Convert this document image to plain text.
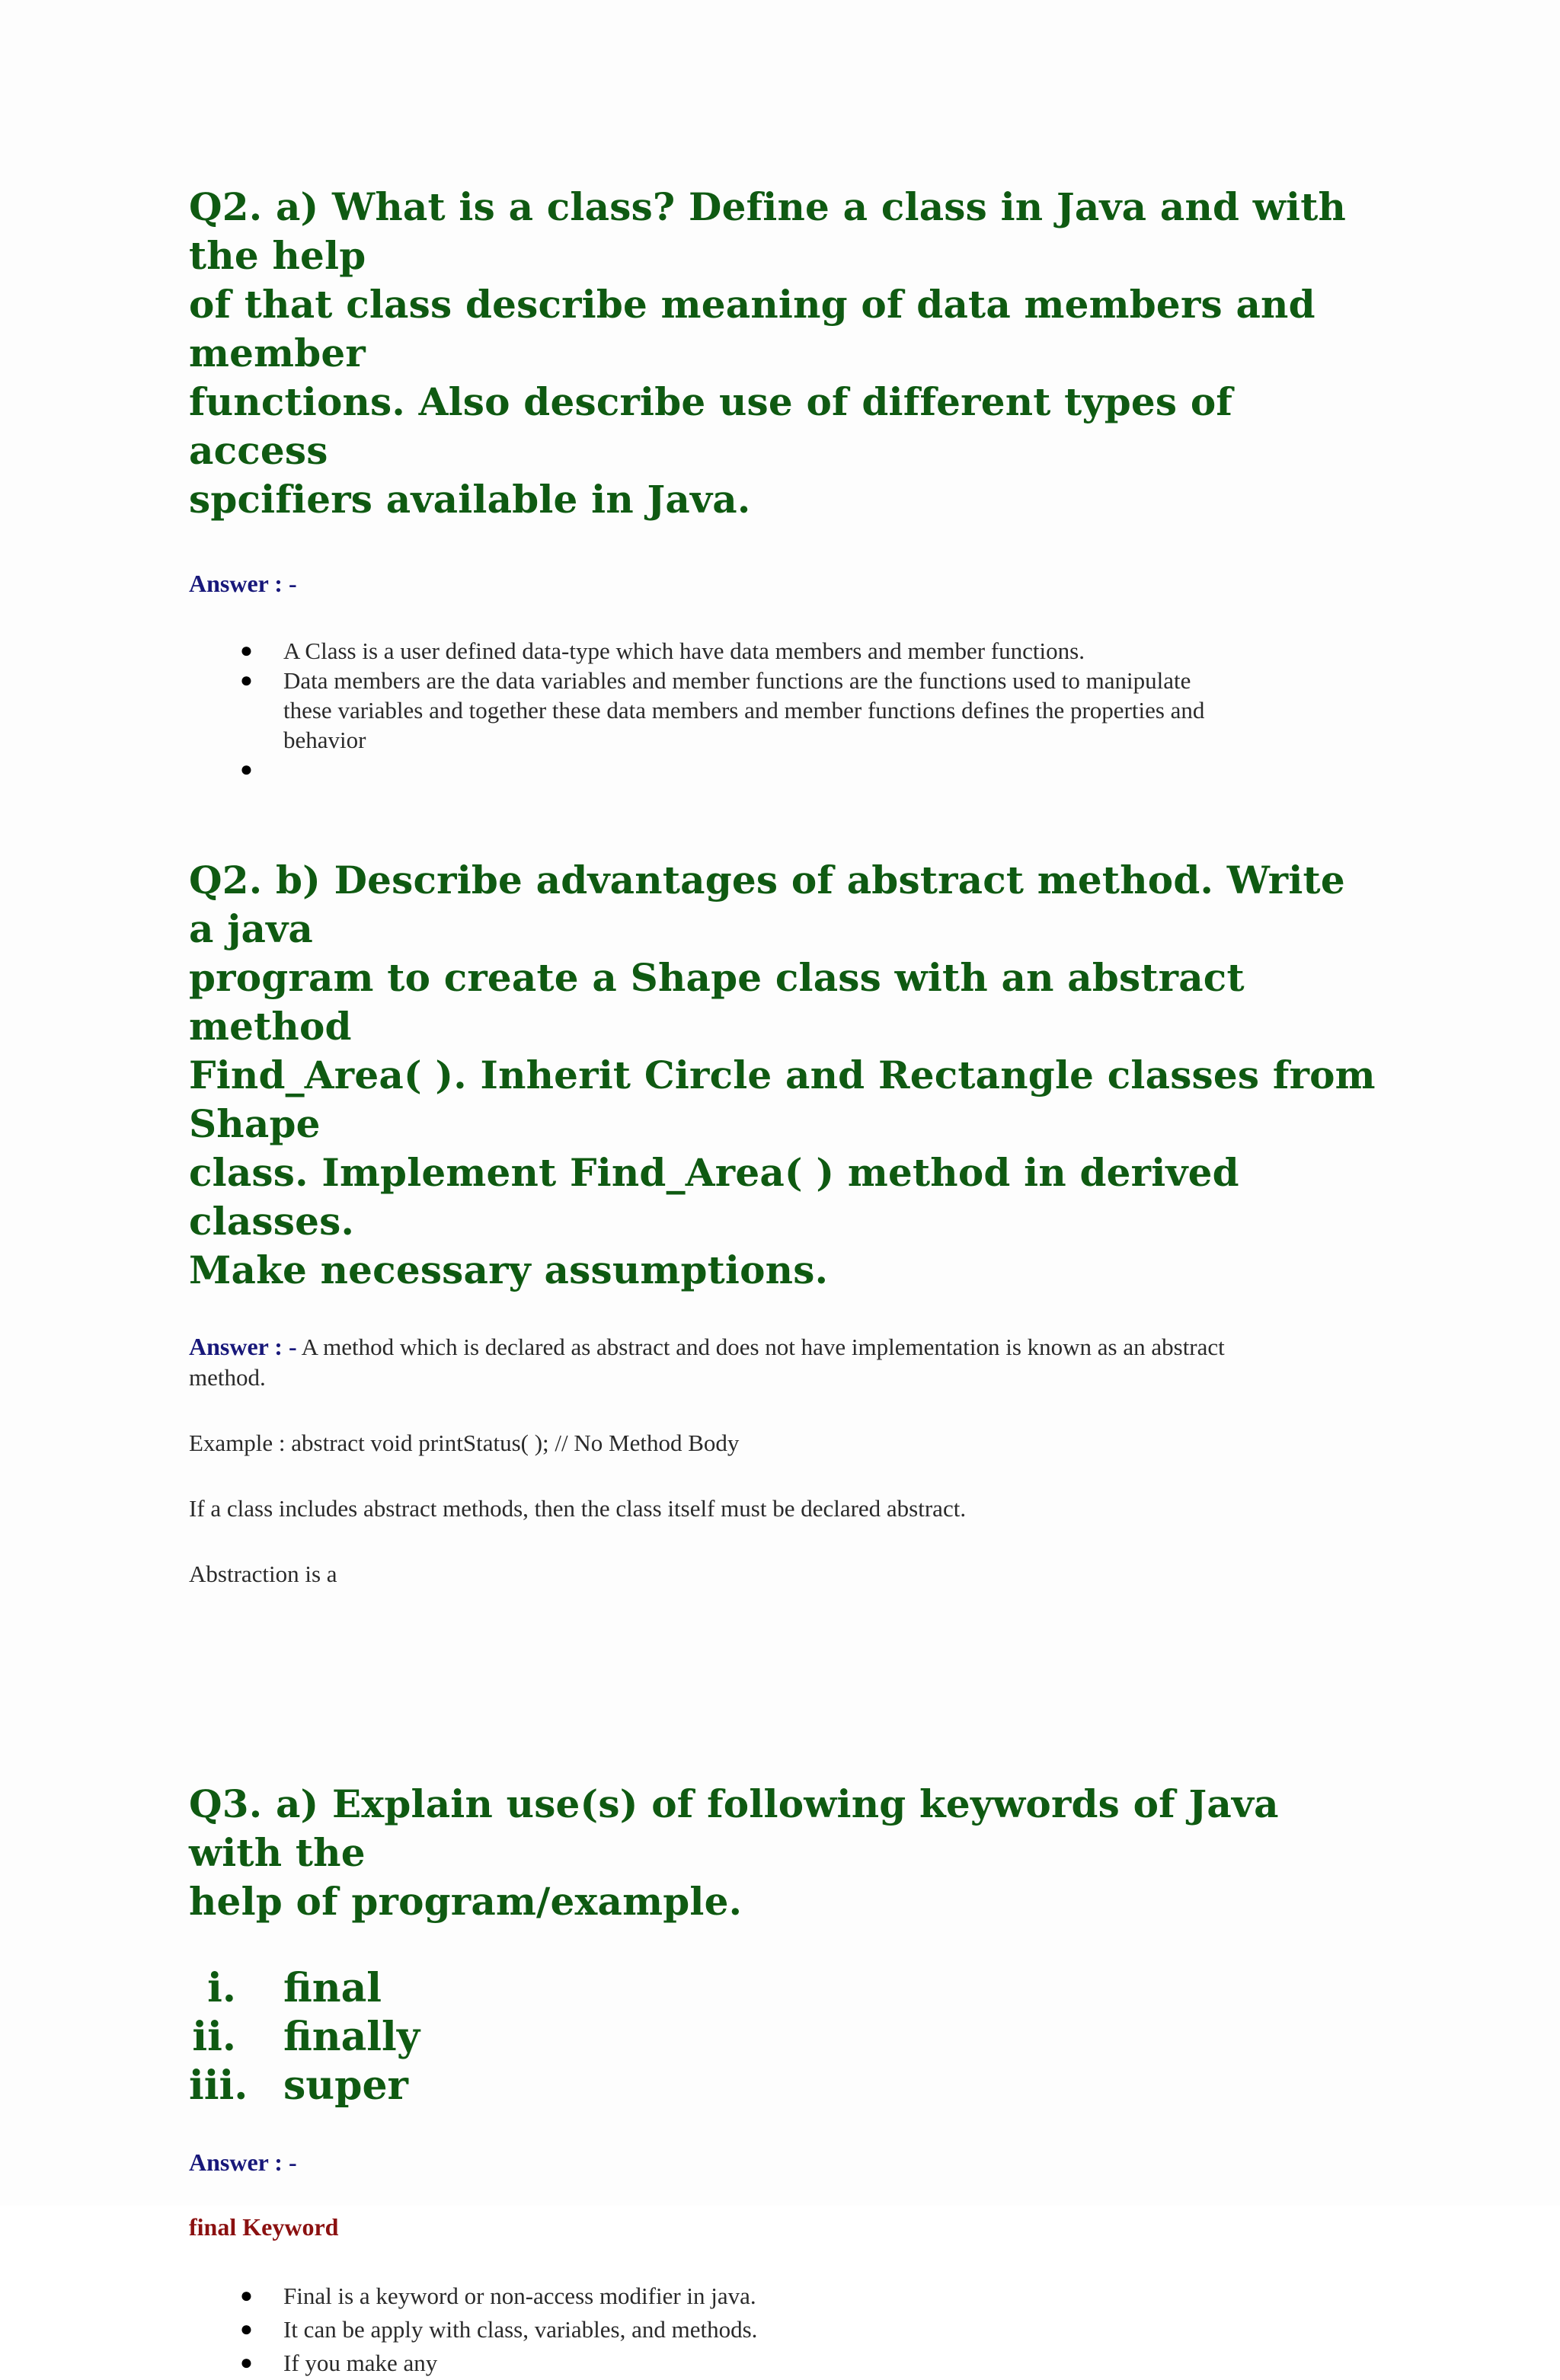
Q2. a) What is a class? Define a class in Java and with the help
of that class describe meaning of data members and member
functions. Also describe use of different types of access
spcifiers available in Java.
Answer : -
● A Class is a user defined data-type which have data members and member functions.
● Data members are the data variables and member functions are the functions used to manipulate
these variables and together these data members and member functions defines the properties and
behavior
●
Q2. b) Describe advantages of abstract method. Write a java
program to create a Shape class with an abstract method
Find_Area( ). Inherit Circle and Rectangle classes from Shape
class. Implement Find_Area( ) method in derived classes.
Make necessary assumptions.

Answer : - A method which is declared as abstract and does not have implementation is known as an abstract

method.

Example : abstract void printStatus( ); // No Method Body

If a class includes abstract methods, then the class itself must be declared abstract.

Abstraction is a

Q3. a) Explain use(s) of following keywords of Java with the
help of program/example.
i. final
ii. finally
iii. super
Answer : -
final Keyword
● Final is a keyword or non-access modifier in java.
● It can be apply with class, variables, and methods.
● If you make any
